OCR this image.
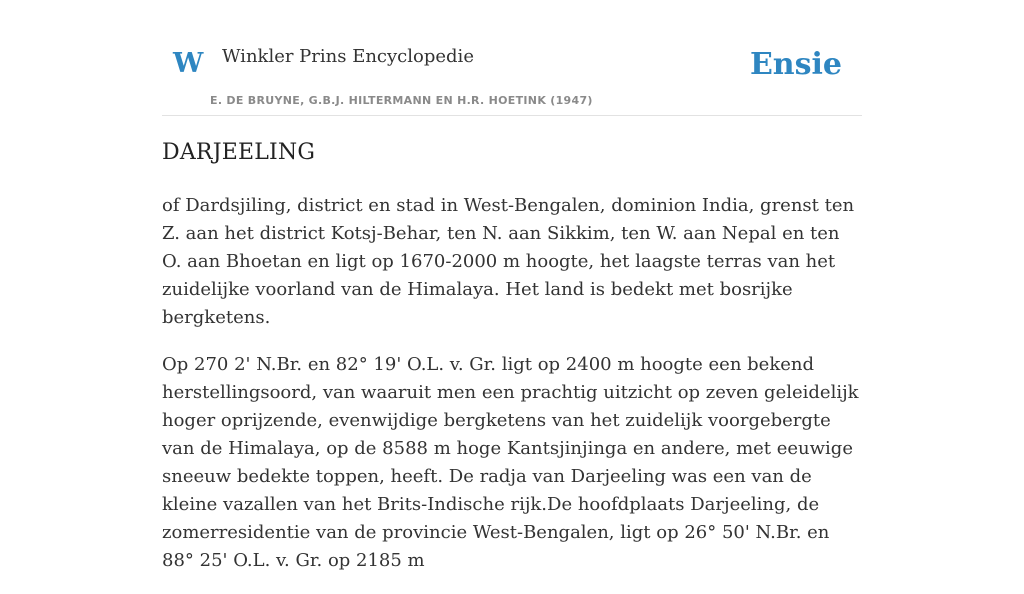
W Winkler Prins Encyclopedie
E. DE BRUYNE, G.B.J. HILTERMANN EN H.R. HOETINK (1947)
Ensie
DARJEELING

of Dardsjiling, district en stad in West-Bengalen, dominion India, grenst ten Z. aan het district Kotsj-Behar, ten N. aan Sikkim, ten W. aan Nepal en ten O. aan Bhoetan en ligt op 1670-2000 m hoogte, het laagste terras van het zuidelijke voorland van de Himalaya. Het land is bedekt met bosrijke bergketens.

Op 270 2' N.Br. en 82° 19' O.L. v. Gr. ligt op 2400 m hoogte een bekend herstellingsoord, van waaruit men een prachtig uitzicht op zeven geleidelijk hoger oprijzende, evenwijdige bergketens van het zuidelijk voorgebergte van de Himalaya, op de 8588 m hoge Kantsjinjinga en andere, met eeuwige sneeuw bedekte toppen, heeft. De radja van Darjeeling was een van de kleine vazallen van het Brits-Indische rijk.De hoofdplaats Darjeeling, de zomerresidentie van de provincie West-Bengalen, ligt op 26° 50' N.Br. en 88° 25' O.L. v. Gr. op 2185 m
